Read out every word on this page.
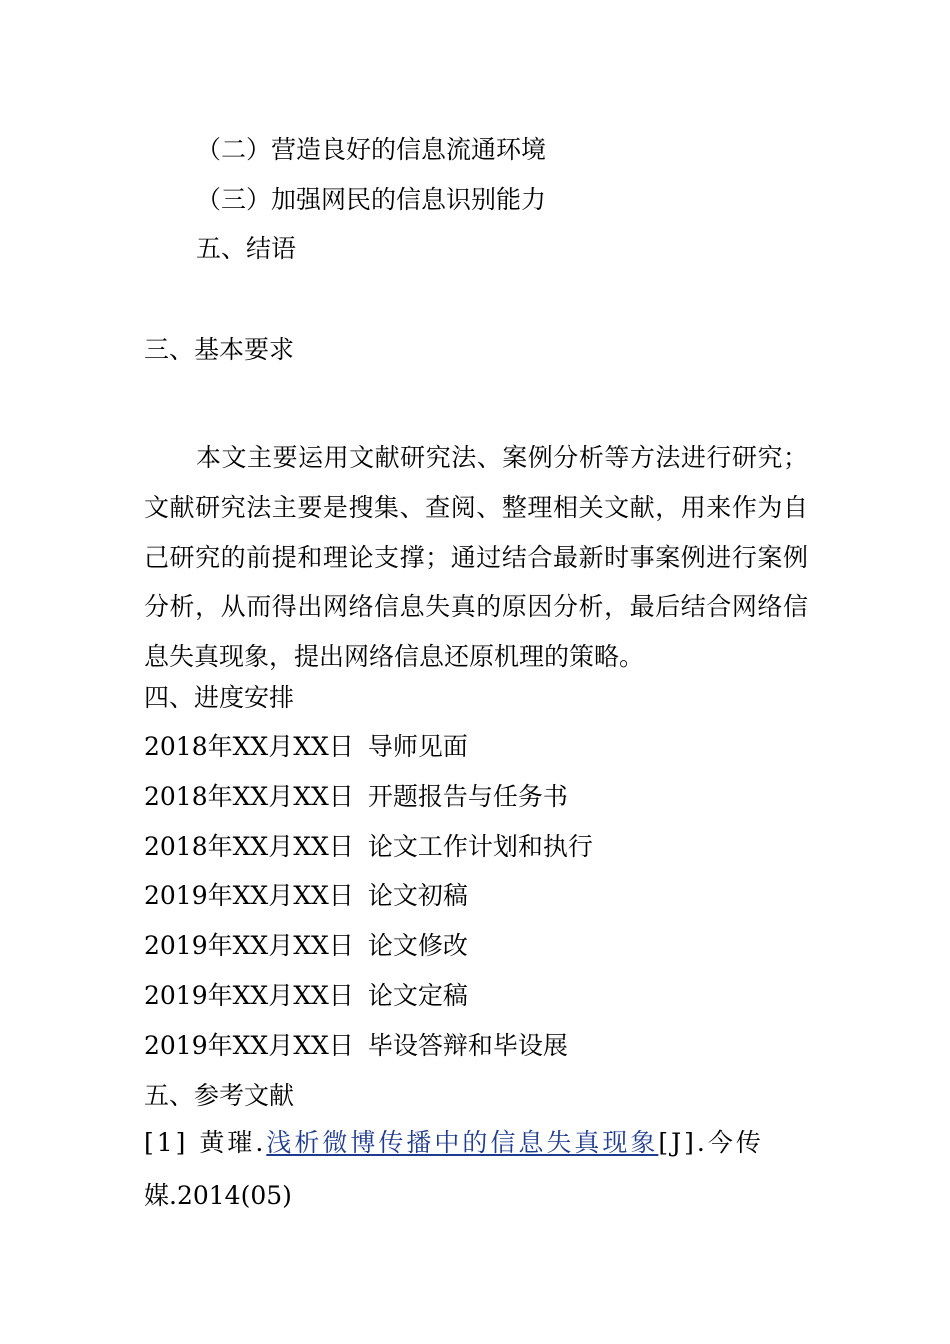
（二）营造良好的信息流通环境
（三）加强网民的信息识别能力
五、结语
三、基本要求
本文主要运用文献研究法、案例分析等方法进行研究；文献研究法主要是搜集、查阅、整理相关文献，用来作为自己研究的前提和理论支撑；通过结合最新时事案例进行案例分析，从而得出网络信息失真的原因分析，最后结合网络信息失真现象，提出网络信息还原机理的策略。
四、进度安排
2018年XX月XX日 导师见面
2018年XX月XX日 开题报告与任务书
2018年XX月XX日 论文工作计划和执行
2019年XX月XX日 论文初稿
2019年XX月XX日 论文修改
2019年XX月XX日 论文定稿
2019年XX月XX日 毕设答辩和毕设展
五、参考文献
[1] 黄璀.浅析微博传播中的信息失真现象[J].今传
媒.2014(05)
